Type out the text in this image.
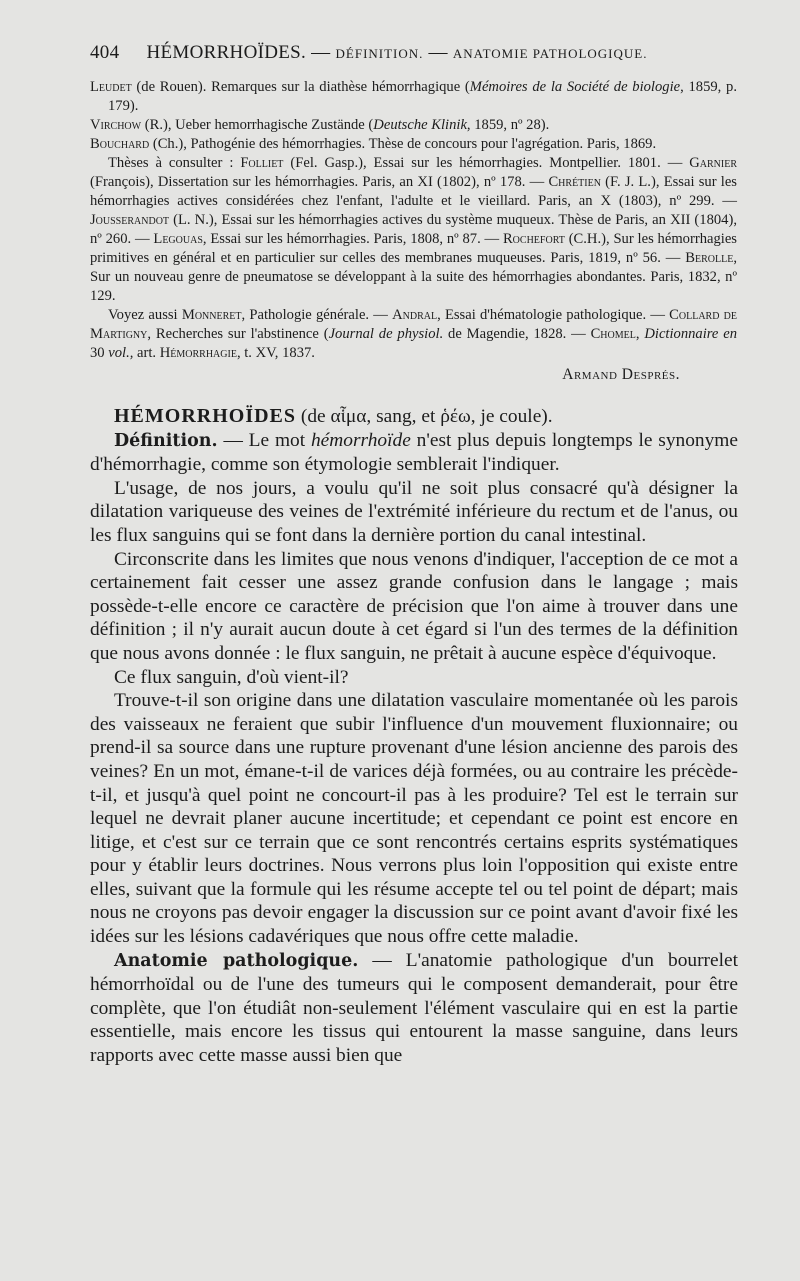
404 HÉMORRHOÏDES. — DÉFINITION. — ANATOMIE PATHOLOGIQUE.

Leudet (de Rouen). Remarques sur la diathèse hémorrhagique (Mémoires de la Société de biologie, 1859, p. 179).

Virchow (R.), Ueber hemorrhagische Zustände (Deutsche Klinik, 1859, nº 28).

Bouchard (Ch.), Pathogénie des hémorrhagies. Thèse de concours pour l'agrégation. Paris, 1869.

Thèses à consulter : Folliet (Fel. Gasp.), Essai sur les hémorrhagies. Montpellier. 1801. — Garnier (François), Dissertation sur les hémorrhagies. Paris, an XI (1802), nº 178. — Chrétien (F. J. L.), Essai sur les hémorrhagies actives considérées chez l'enfant, l'adulte et le vieillard. Paris, an X (1803), nº 299. — Jousserandot (L. N.), Essai sur les hémorrhagies actives du système muqueux. Thèse de Paris, an XII (1804), nº 260. — Legouas, Essai sur les hémorrhagies. Paris, 1808, nº 87. — Rochefort (C.H.), Sur les hémorrhagies primitives en général et en particulier sur celles des membranes muqueuses. Paris, 1819, nº 56. — Berolle, Sur un nouveau genre de pneumatose se développant à la suite des hémorrhagies abondantes. Paris, 1832, nº 129.

Voyez aussi Monneret, Pathologie générale. — Andral, Essai d'hématologie pathologique. — Collard de Martigny, Recherches sur l'abstinence (Journal de physiol. de Magendie, 1828. — Chomel, Dictionnaire en 30 vol., art. Hémorrhagie, t. XV, 1837.

Armand Després.

HÉMORRHOÏDES (de αἷμα, sang, et ῥέω, je coule).

Définition. — Le mot hémorrhoïde n'est plus depuis longtemps le synonyme d'hémorrhagie, comme son étymologie semblerait l'indiquer.

L'usage, de nos jours, a voulu qu'il ne soit plus consacré qu'à désigner la dilatation variqueuse des veines de l'extrémité inférieure du rectum et de l'anus, ou les flux sanguins qui se font dans la dernière portion du canal intestinal.

Circonscrite dans les limites que nous venons d'indiquer, l'acception de ce mot a certainement fait cesser une assez grande confusion dans le langage ; mais possède-t-elle encore ce caractère de précision que l'on aime à trouver dans une définition ; il n'y aurait aucun doute à cet égard si l'un des termes de la définition que nous avons donnée : le flux sanguin, ne prêtait à aucune espèce d'équivoque.

Ce flux sanguin, d'où vient-il?

Trouve-t-il son origine dans une dilatation vasculaire momentanée où les parois des vaisseaux ne feraient que subir l'influence d'un mouvement fluxionnaire; ou prend-il sa source dans une rupture provenant d'une lésion ancienne des parois des veines? En un mot, émane-t-il de varices déjà formées, ou au contraire les précède-t-il, et jusqu'à quel point ne concourt-il pas à les produire? Tel est le terrain sur lequel ne devrait planer aucune incertitude; et cependant ce point est encore en litige, et c'est sur ce terrain que ce sont rencontrés certains esprits systématiques pour y établir leurs doctrines. Nous verrons plus loin l'opposition qui existe entre elles, suivant que la formule qui les résume accepte tel ou tel point de départ; mais nous ne croyons pas devoir engager la discussion sur ce point avant d'avoir fixé les idées sur les lésions cadavériques que nous offre cette maladie.

Anatomie pathologique. — L'anatomie pathologique d'un bourrelet hémorrhoïdal ou de l'une des tumeurs qui le composent demanderait, pour être complète, que l'on étudiât non-seulement l'élément vasculaire qui en est la partie essentielle, mais encore les tissus qui entourent la masse sanguine, dans leurs rapports avec cette masse aussi bien que
